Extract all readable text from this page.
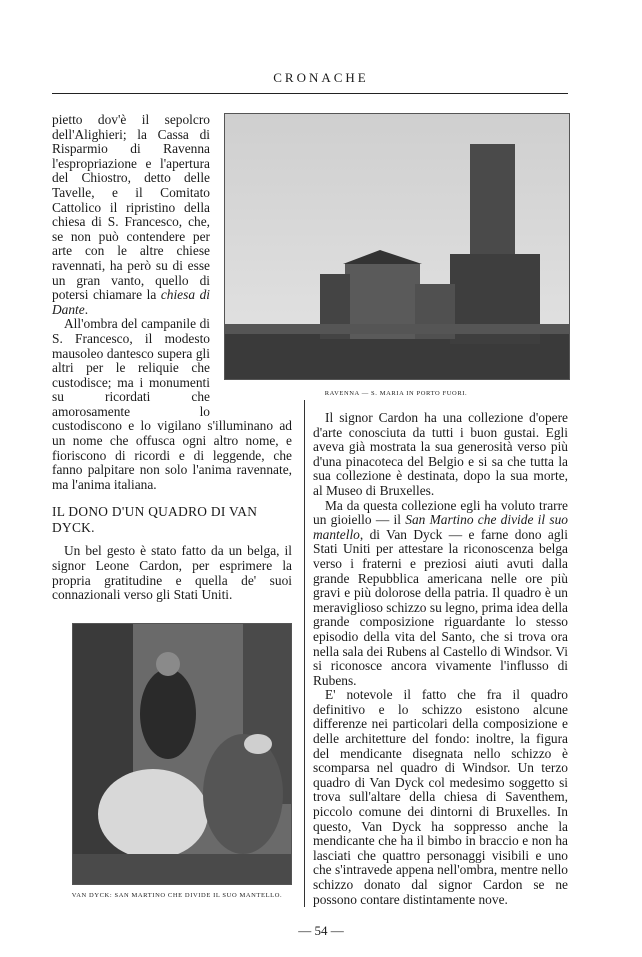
CRONACHE
RAVENNA — S. MARIA IN PORTO FUORI.

pietto dov'è il sepolcro dell'Alighieri; la Cassa di Risparmio di Ravenna l'espropriazione e l'apertura del Chiostro, detto delle Tavelle, e il Comitato Cattolico il ripristino della chiesa di S. Francesco, che, se non può contendere per arte con le altre chiese ravennati, ha però su di esse un gran vanto, quello di potersi chiamare la chiesa di Dante.

All'ombra del campanile di S. Francesco, il modesto mausoleo dantesco supera gli altri per le reliquie che custodisce; ma i monumenti su ricordati che amorosamente lo custodiscono e lo vigilano s'illuminano ad un nome che offusca ogni altro nome, e fioriscono di ricordi e di leggende, che fanno palpitare non solo l'anima ravennate, ma l'anima italiana.

IL DONO D'UN QUADRO DI VAN DYCK.

Un bel gesto è stato fatto da un belga, il signor Leone Cardon, per esprimere la propria gratitudine e quella de' suoi connazionali verso gli Stati Uniti.

VAN DYCK: SAN MARTINO CHE DIVIDE IL SUO MANTELLO.

Il signor Cardon ha una collezione d'opere d'arte conosciuta da tutti i buon gustai. Egli aveva già mostrata la sua generosità verso più d'una pinacoteca del Belgio e si sa che tutta la sua collezione è destinata, dopo la sua morte, al Museo di Bruxelles.

Ma da questa collezione egli ha voluto trarre un gioiello — il San Martino che divide il suo mantello, di Van Dyck — e farne dono agli Stati Uniti per attestare la riconoscenza belga verso i fraterni e preziosi aiuti avuti dalla grande Repubblica americana nelle ore più gravi e più dolorose della patria. Il quadro è un meraviglioso schizzo su legno, prima idea della grande composizione riguardante lo stesso episodio della vita del Santo, che si trova ora nella sala dei Rubens al Castello di Windsor. Vi si riconosce ancora vivamente l'influsso di Rubens.

E' notevole il fatto che fra il quadro definitivo e lo schizzo esistono alcune differenze nei particolari della composizione e delle architetture del fondo: inoltre, la figura del mendicante disegnata nello schizzo è scomparsa nel quadro di Windsor. Un terzo quadro di Van Dyck col medesimo soggetto si trova sull'altare della chiesa di Saventhem, piccolo comune dei dintorni di Bruxelles. In questo, Van Dyck ha soppresso anche la mendicante che ha il bimbo in braccio e non ha lasciati che quattro personaggi visibili e uno che s'intravede appena nell'ombra, mentre nello schizzo donato dal signor Cardon se ne possono contare distintamente nove.

— 54 —
